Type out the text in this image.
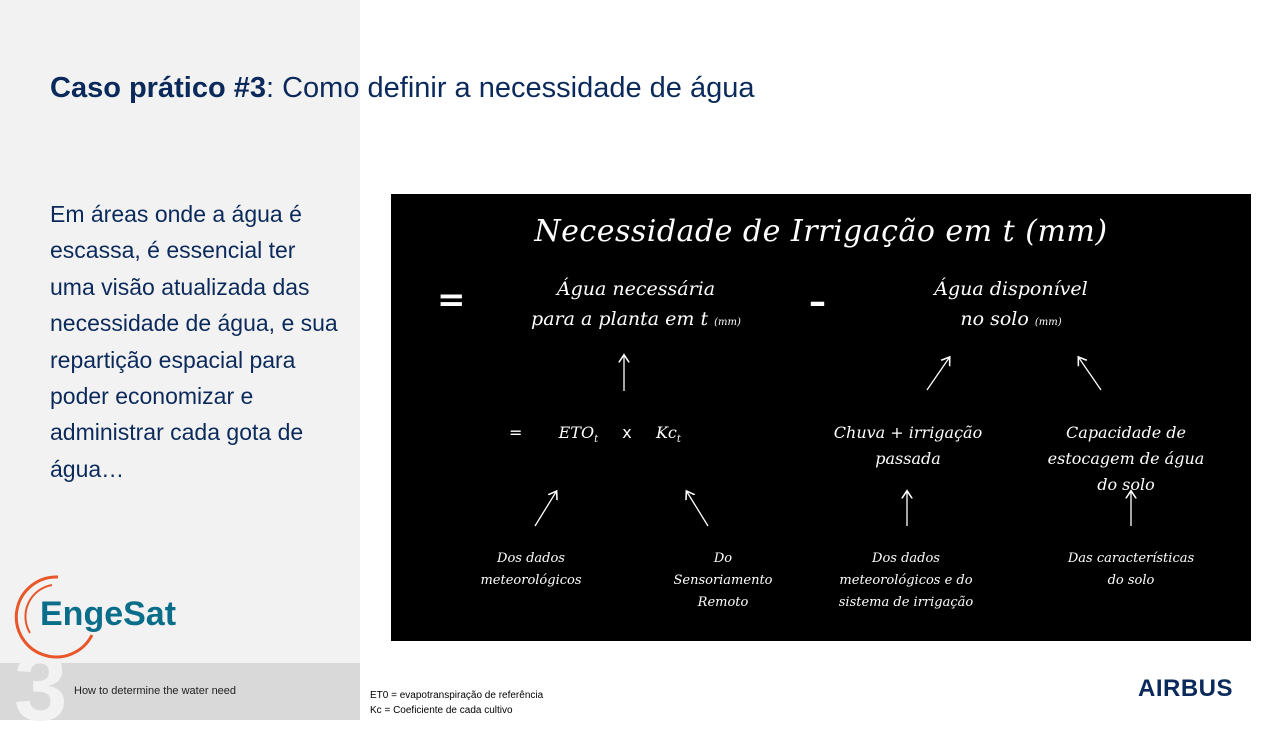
3 How to determine the water need
Caso prático #3: Como definir a necessidade de água
Em áreas onde a água é escassa, é essencial ter uma visão atualizada das necessidade de água, e sua repartição espacial para poder economizar e administrar cada gota de água…
EngeSat
Necessidade de Irrigação em t (mm)
=	–
Água necessária
para a planta em t (mm)
Água disponível
no solo (mm)
= $ETO_t$ x $Kc_t$	Chuva + irrigação
passada
Capacidade de
estocagem de água
do solo
Dos dados
meteorológicos
Do
Sensoriamento
Remoto
Dos dados
meteorológicos e do
sistema de irrigação
Das características
do solo
ET0 = evapotranspiração de referência
Kc = Coeficiente de cada cultivo
AIRBUS
